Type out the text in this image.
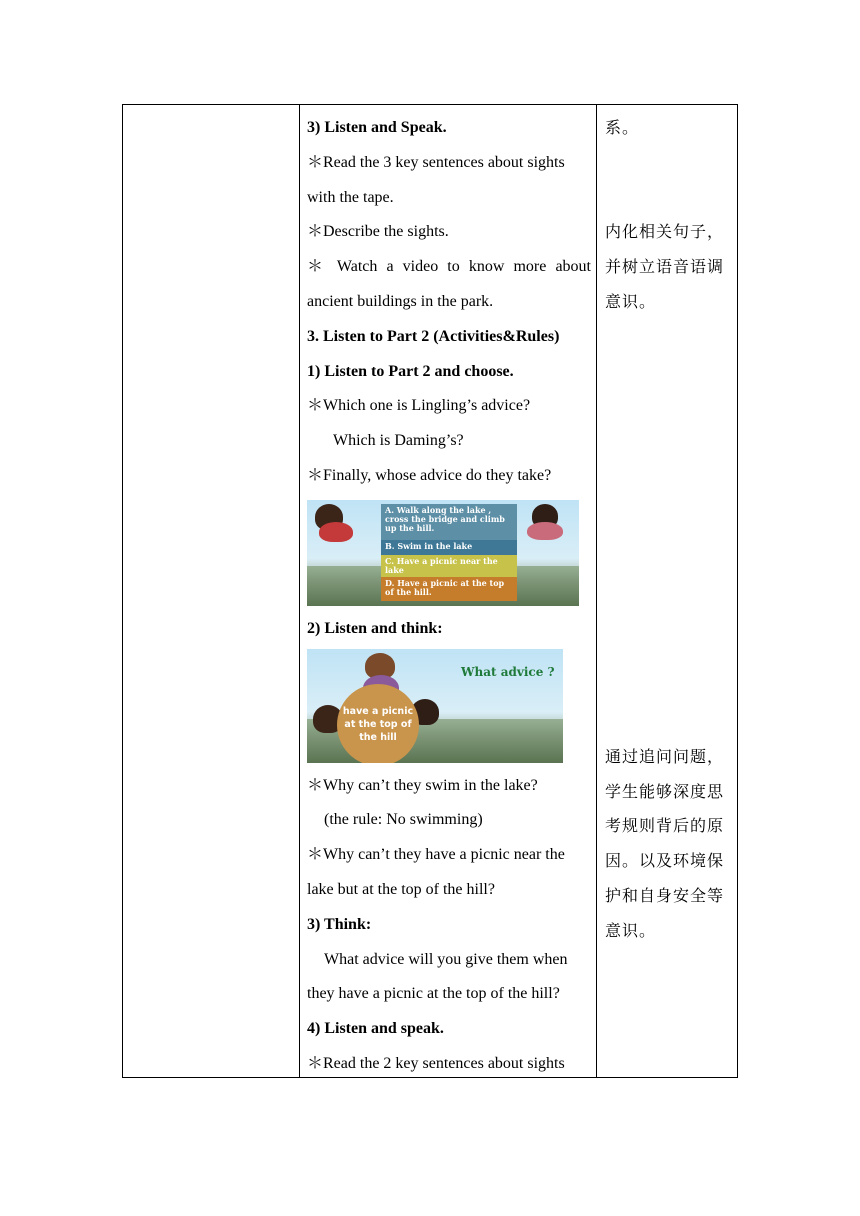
3) Listen and Speak.
＊Read the 3 key sentences about sights
with the tape.
＊Describe the sights.
＊ Watch a video to know more about
ancient buildings in the park.
3. Listen to Part 2 (Activities&Rules)
1) Listen to Part 2 and choose.
＊Which one is Lingling’s advice?
Which is Daming’s?
＊Finally, whose advice do they take?
A. Walk along the lake , cross the bridge and climb up the hill.
B. Swim in the lake
C. Have a picnic near the lake
D. Have a picnic at the top of the hill.
2) Listen and think:
have a picnic at the top of the hill
What advice ?
＊Why can’t they swim in the lake?
(the rule: No swimming)
＊Why can’t they have a picnic near the
lake but at the top of the hill?
3) Think:
What advice will you give them when
they have a picnic at the top of the hill?
4) Listen and speak.
＊Read the 2 key sentences about sights
系。
内化相关句子，
并树立语音语调
意识。
通过追问问题，
学生能够深度思
考规则背后的原
因。以及环境保
护和自身安全等
意识。
